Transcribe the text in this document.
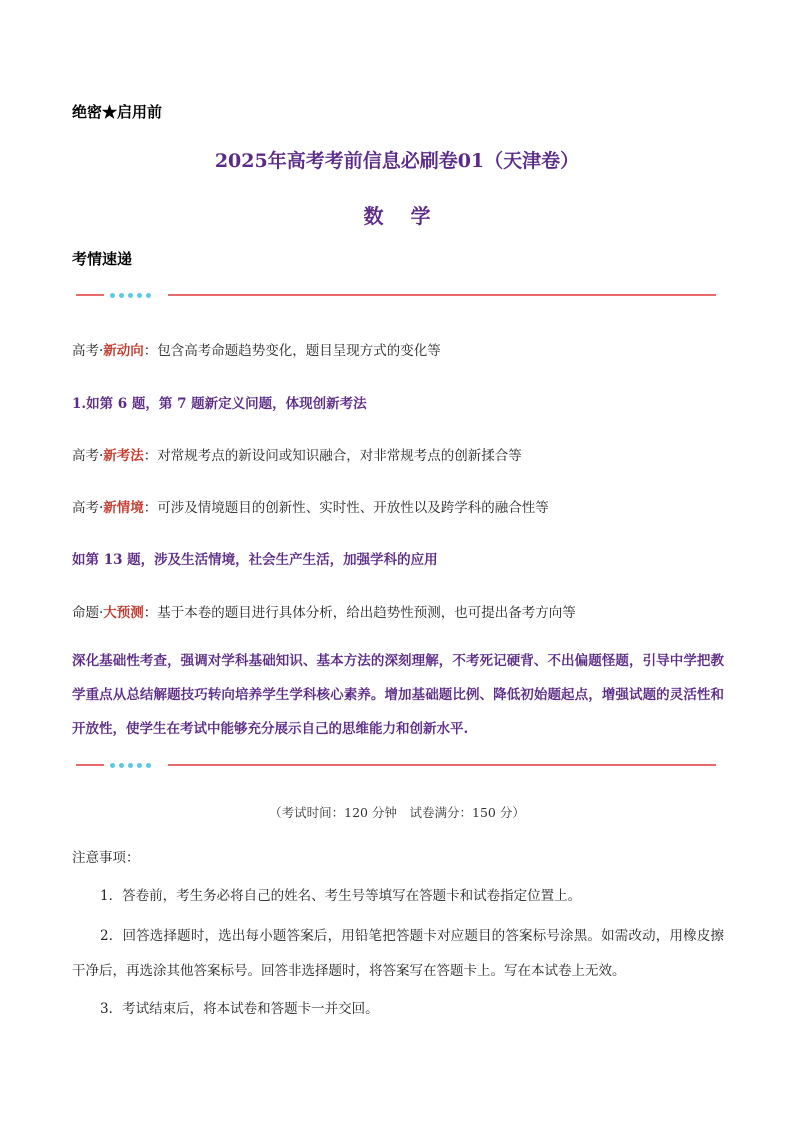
绝密★启用前
2025年高考考前信息必刷卷01（天津卷）
数 学
考情速递
高考·新动向：包含高考命题趋势变化，题目呈现方式的变化等
1.如第 6 题，第 7 题新定义问题，体现创新考法
高考·新考法：对常规考点的新设问或知识融合，对非常规考点的创新揉合等
高考·新情境：可涉及情境题目的创新性、实时性、开放性以及跨学科的融合性等
如第 13 题，涉及生活情境，社会生产生活，加强学科的应用
命题·大预测：基于本卷的题目进行具体分析，给出趋势性预测，也可提出备考方向等
深化基础性考查，强调对学科基础知识、基本方法的深刻理解，不考死记硬背、不出偏题怪题，引导中学把教学重点从总结解题技巧转向培养学生学科核心素养。增加基础题比例、降低初始题起点，增强试题的灵活性和开放性，使学生在考试中能够充分展示自己的思维能力和创新水平.
（考试时间：120 分钟　试卷满分：150 分）
注意事项：
1．答卷前，考生务必将自己的姓名、考生号等填写在答题卡和试卷指定位置上。
2．回答选择题时，选出每小题答案后，用铅笔把答题卡对应题目的答案标号涂黑。如需改动，用橡皮擦干净后，再选涂其他答案标号。回答非选择题时，将答案写在答题卡上。写在本试卷上无效。
3．考试结束后，将本试卷和答题卡一并交回。
